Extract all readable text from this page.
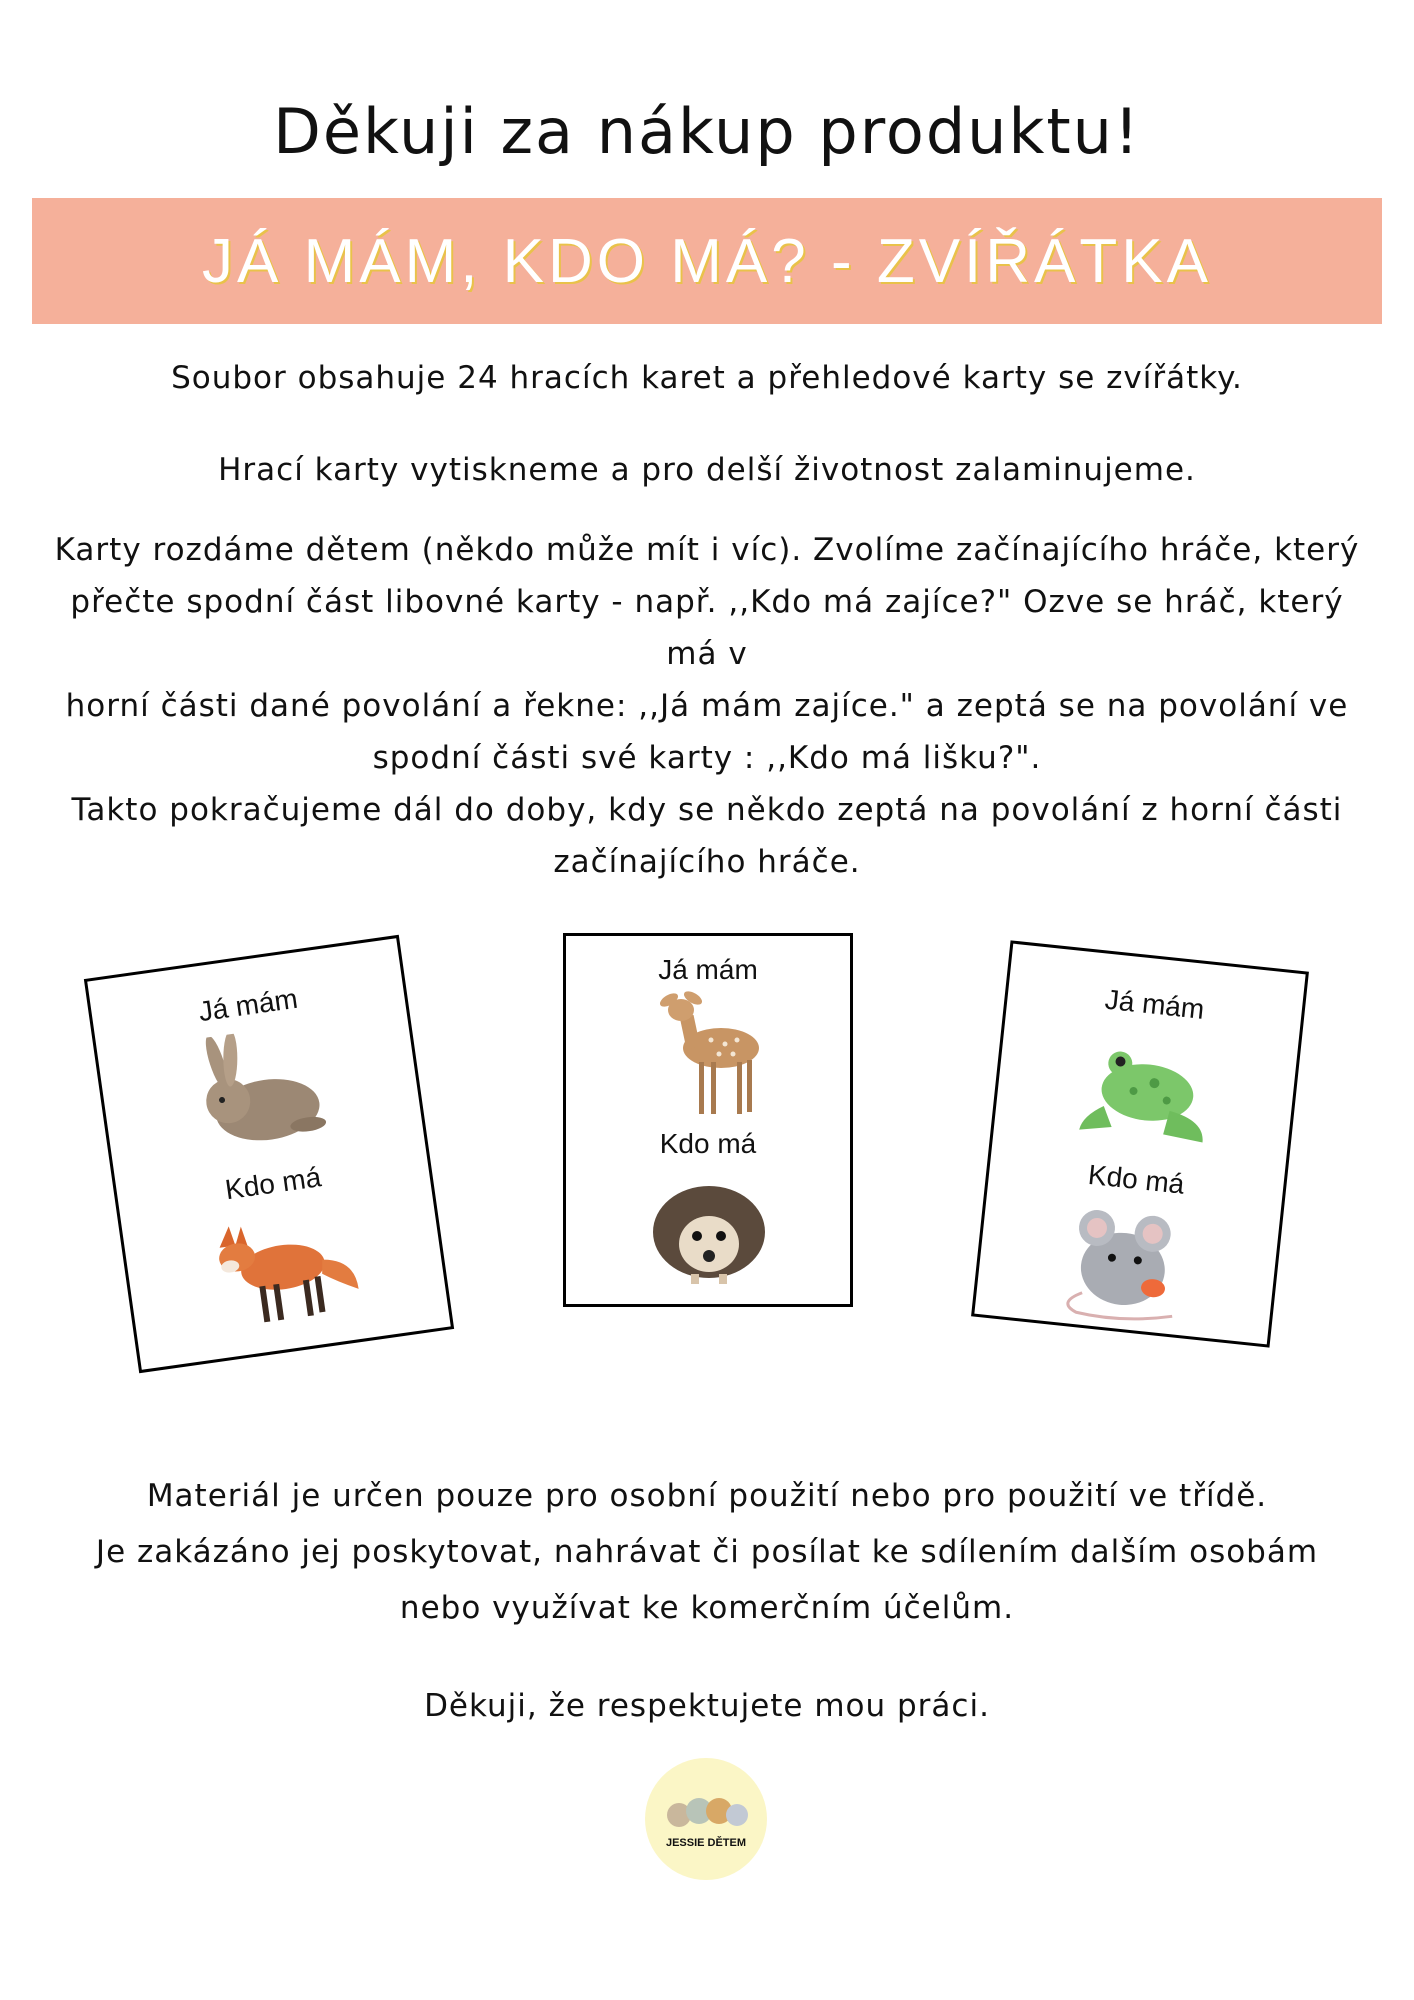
Děkuji za nákup produktu!
JÁ MÁM, KDO MÁ? - ZVÍŘÁTKA
Soubor obsahuje 24 hracích karet a přehledové karty se zvířátky.
Hrací karty vytiskneme a pro delší životnost zalaminujeme.
Karty rozdáme dětem (někdo může mít i víc). Zvolíme začínajícího hráče, který
přečte spodní část libovné karty - např. ,,Kdo má zajíce?" Ozve se hráč, který má v
horní části dané povolání a řekne: ,,Já mám zajíce." a zeptá se na povolání ve
spodní části své karty : ,,Kdo má lišku?".
Takto pokračujeme dál do doby, kdy se někdo zeptá na povolání z horní části
začínajícího hráče.
Já mám
Kdo má
Já mám
Kdo má
Já mám
Kdo má
Materiál je určen pouze pro osobní použití nebo pro použití ve třídě.
Je zakázáno jej poskytovat, nahrávat či posílat ke sdílením dalším osobám
nebo využívat ke komerčním účelům.
Děkuji, že respektujete mou práci.
JESSIE DĚTEM
